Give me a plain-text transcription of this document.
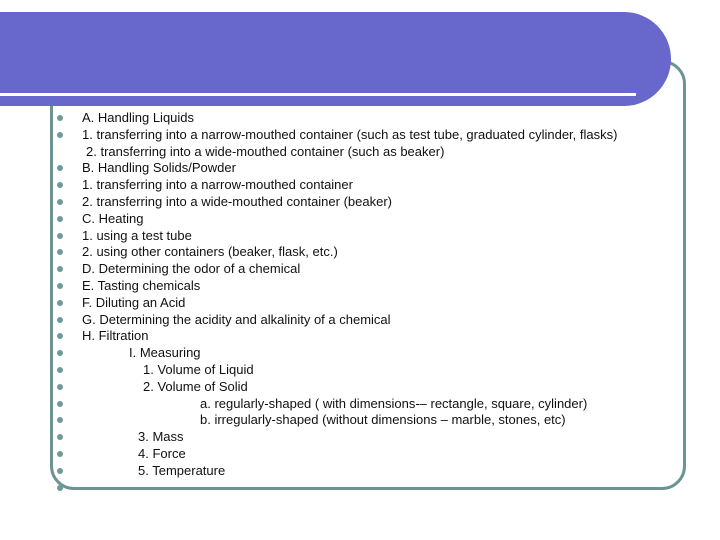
A. Handling Liquids
1. transferring into a narrow-mouthed container (such as test tube, graduated cylinder, flasks)
2. transferring into a wide-mouthed container (such as beaker)
B. Handling Solids/Powder
1. transferring into a narrow-mouthed container
2. transferring into a wide-mouthed container (beaker)
C. Heating
1. using a test tube
2. using other containers (beaker, flask, etc.)
D. Determining the odor of a chemical
E. Tasting chemicals
F. Diluting an Acid
G. Determining the acidity and alkalinity of a chemical
H. Filtration
I. Measuring
1. Volume of Liquid
2. Volume of Solid
a. regularly-shaped ( with dimensions-– rectangle, square, cylinder)
b. irregularly-shaped (without dimensions – marble, stones, etc)
3. Mass
4. Force
5. Temperature
